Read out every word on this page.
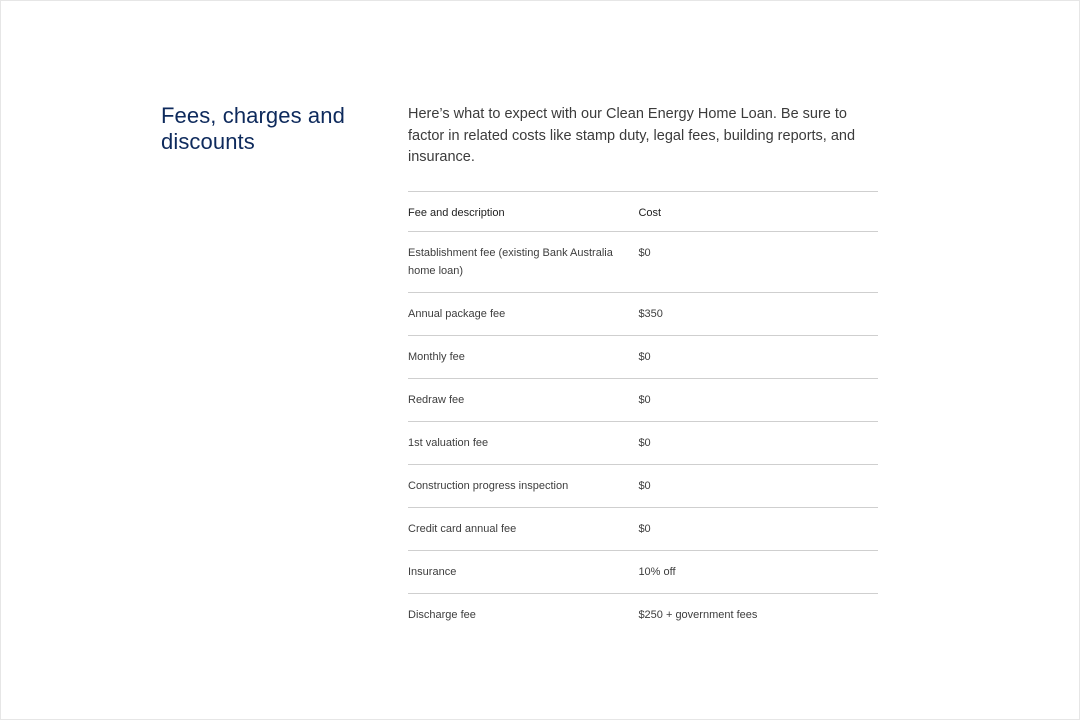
Fees, charges and discounts

Here’s what to expect with our Clean Energy Home Loan. Be sure to factor in related costs like stamp duty, legal fees, building reports, and insurance.

Fee and description	Cost
Establishment fee (existing Bank Australia home loan)	$0
Annual package fee	$350
Monthly fee	$0
Redraw fee	$0
1st valuation fee	$0
Construction progress inspection	$0
Credit card annual fee	$0
Insurance	10% off
Discharge fee	$250 + government fees
